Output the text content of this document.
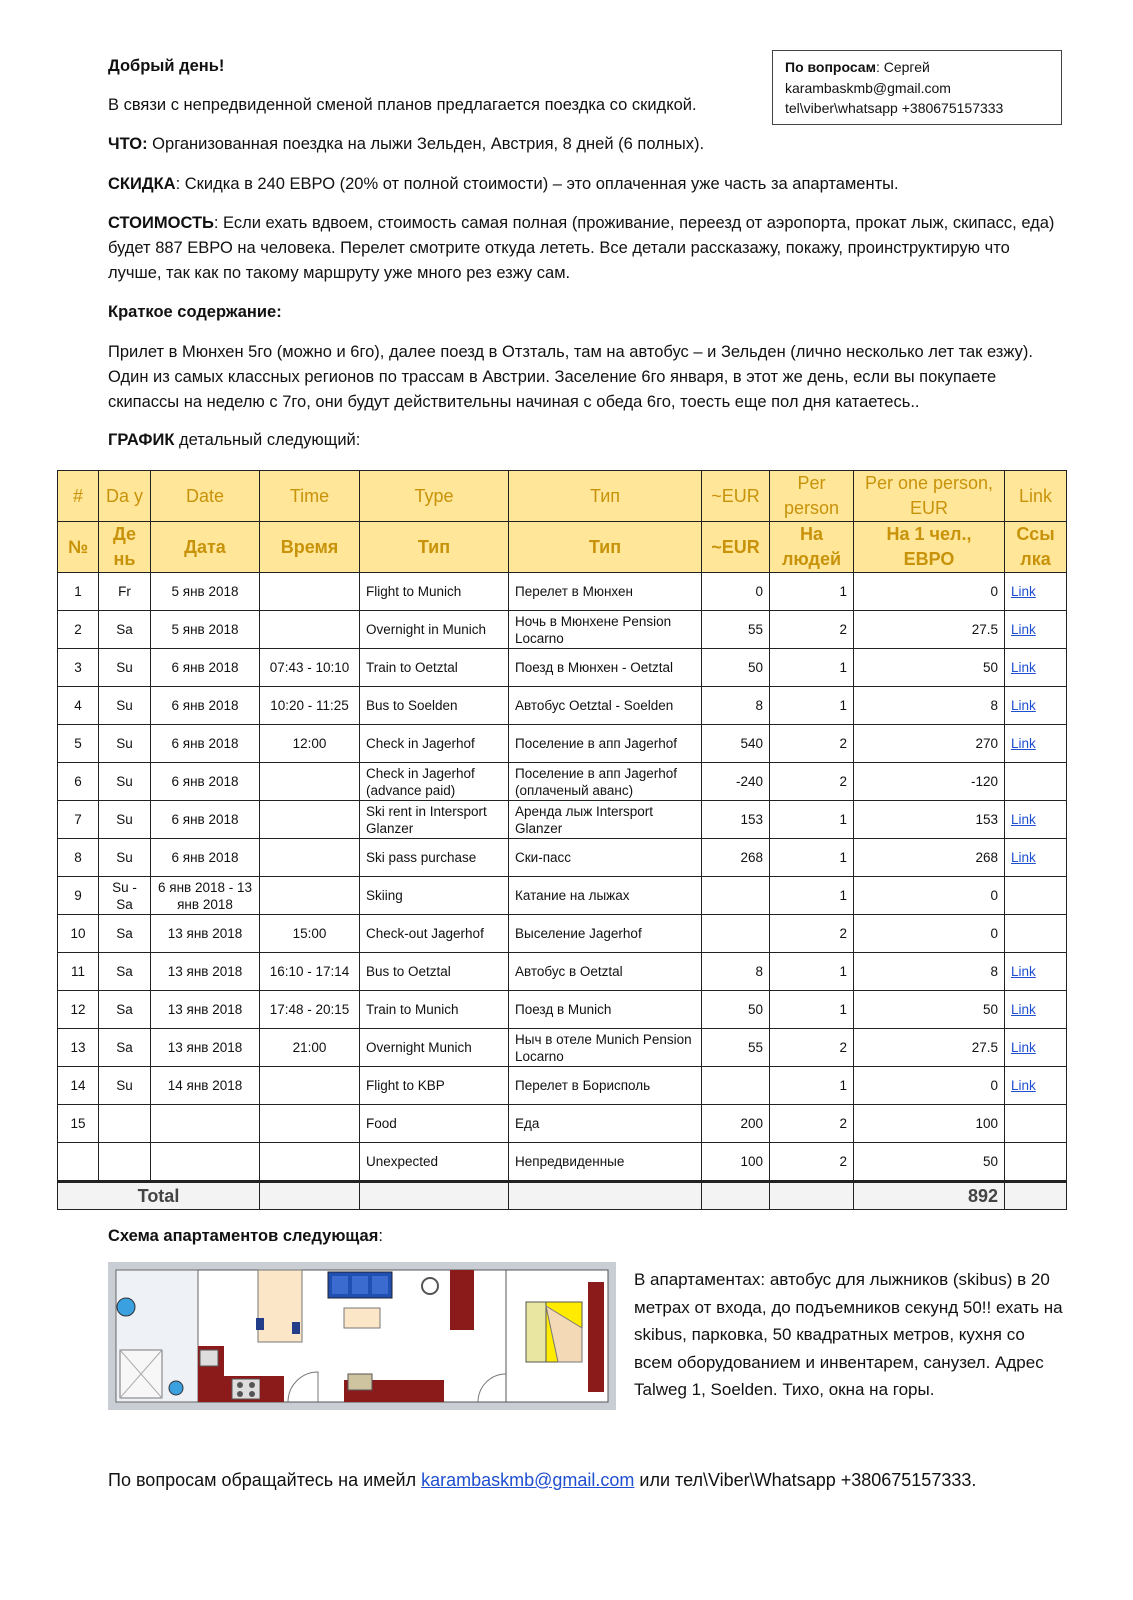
По вопросам: Сергей
karambaskmb@gmail.com
tel\viber\whatsapp +380675157333

Добрый день!

В связи с непредвиденной сменой планов предлагается поездка со скидкой.

ЧТО: Организованная поездка на лыжи Зельден, Австрия, 8 дней (6 полных).

СКИДКА: Скидка в 240 ЕВРО (20% от полной стоимости) – это оплаченная уже часть за апартаменты.

СТОИМОСТЬ: Если ехать вдвоем, стоимость самая полная (проживание, переезд от аэропорта, прокат лыж, скипасс, еда) будет 887 ЕВРО на человека. Перелет смотрите откуда лететь. Все детали рассказажу, покажу, проинструктирую что лучше, так как по такому маршруту уже много рез езжу сам.

Краткое содержание:

Прилет в Мюнхен 5го (можно и 6го), далее поезд в Отзталь, там на автобус – и Зельден (лично несколько лет так езжу). Один из самых классных регионов по трассам в Австрии. Заселение 6го января, в этот же день, если вы покупаете скипассы на неделю с 7го, они будут действительны начиная с обеда 6го, тоесть еще пол дня катаетесь..

ГРАФИК детальный следующий:

#	Da y	Date	Time	Type	Тип	~EUR	Per person	Per one person, EUR	Link
№	Де нь	Дата	Время	Тип	Тип	~EUR	На людей	На 1 чел., ЕВРО	Ссы лка
1	Fr	5 янв 2018		Flight to Munich	Перелет в Мюнхен	0	1	0	Link
2	Sa	5 янв 2018		Overnight in Munich	Ночь в Мюнхене Pension Locarno	55	2	27.5	Link
3	Su	6 янв 2018	07:43 - 10:10	Train to Oetztal	Поезд в Мюнхен - Oetztal	50	1	50	Link
4	Su	6 янв 2018	10:20 - 11:25	Bus to Soelden	Автобус Oetztal - Soelden	8	1	8	Link
5	Su	6 янв 2018	12:00	Check in Jagerhof	Поселение в апп Jagerhof	540	2	270	Link
6	Su	6 янв 2018		Check in Jagerhof (advance paid)	Поселение в апп Jagerhof (оплаченый аванс)	-240	2	-120	
7	Su	6 янв 2018		Ski rent in Intersport Glanzer	Аренда лыж Intersport Glanzer	153	1	153	Link
8	Su	6 янв 2018		Ski pass purchase	Ски-пасс	268	1	268	Link
9	Su - Sa	6 янв 2018 - 13 янв 2018		Skiing	Катание на лыжах		1	0	
10	Sa	13 янв 2018	15:00	Check-out Jagerhof	Выселение Jagerhof		2	0	
11	Sa	13 янв 2018	16:10 - 17:14	Bus to Oetztal	Автобус в Oetztal	8	1	8	Link
12	Sa	13 янв 2018	17:48 - 20:15	Train to Munich	Поезд в Munich	50	1	50	Link
13	Sa	13 янв 2018	21:00	Overnight Munich	Ныч в отеле Munich Pension Locarno	55	2	27.5	Link
14	Su	14 янв 2018		Flight to KBP	Перелет в Борисполь		1	0	Link
15				Food	Еда	200	2	100	
				Unexpected	Непредвиденные	100	2	50	
Total								892	

Схема апартаментов следующая:

В апартаментах: автобус для лыжников (skibus) в 20 метрах от входа, до подъемников секунд 50!! ехать на skibus, парковка, 50 квадратных метров, кухня со всем оборудованием и инвентарем, санузел. Адрес Talweg 1, Soelden. Тихо, окна на горы.
По вопросам обращайтесь на имейл karambaskmb@gmail.com или тел\Viber\Whatsapp +380675157333.
